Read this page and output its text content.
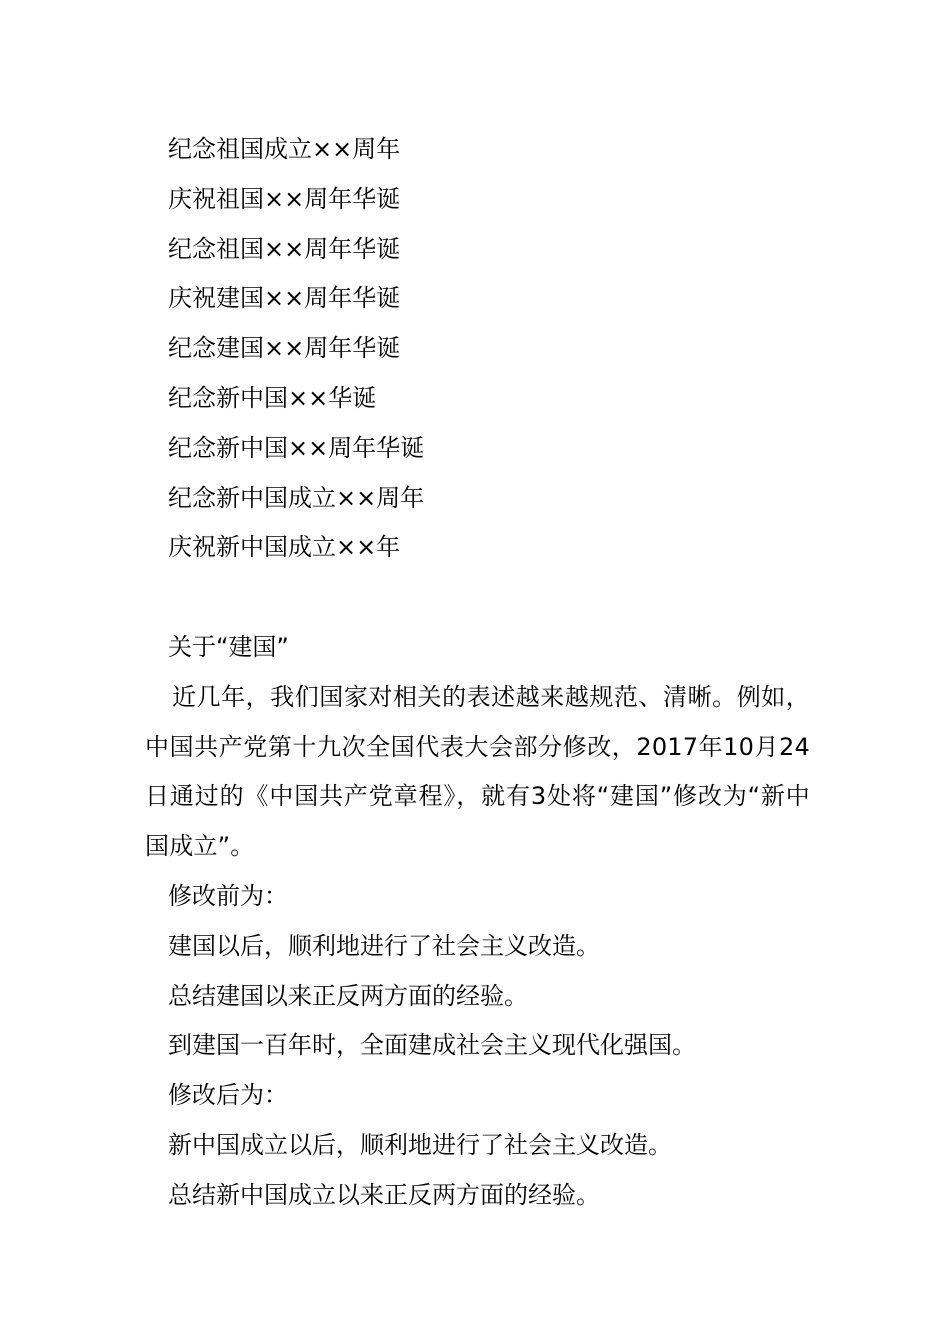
纪念祖国成立××周年

庆祝祖国××周年华诞

纪念祖国××周年华诞

庆祝建国××周年华诞

纪念建国××周年华诞

纪念新中国××华诞

纪念新中国××周年华诞

纪念新中国成立××周年

庆祝新中国成立××年

关于“建国”

近几年，我们国家对相关的表述越来越规范、清晰。例如，中国共产党第十九次全国代表大会部分修改，2017年10月24日通过的《中国共产党章程》，就有3处将“建国”修改为“新中国成立”。

修改前为：

建国以后，顺利地进行了社会主义改造。

总结建国以来正反两方面的经验。

到建国一百年时，全面建成社会主义现代化强国。

修改后为：

新中国成立以后，顺利地进行了社会主义改造。

总结新中国成立以来正反两方面的经验。
